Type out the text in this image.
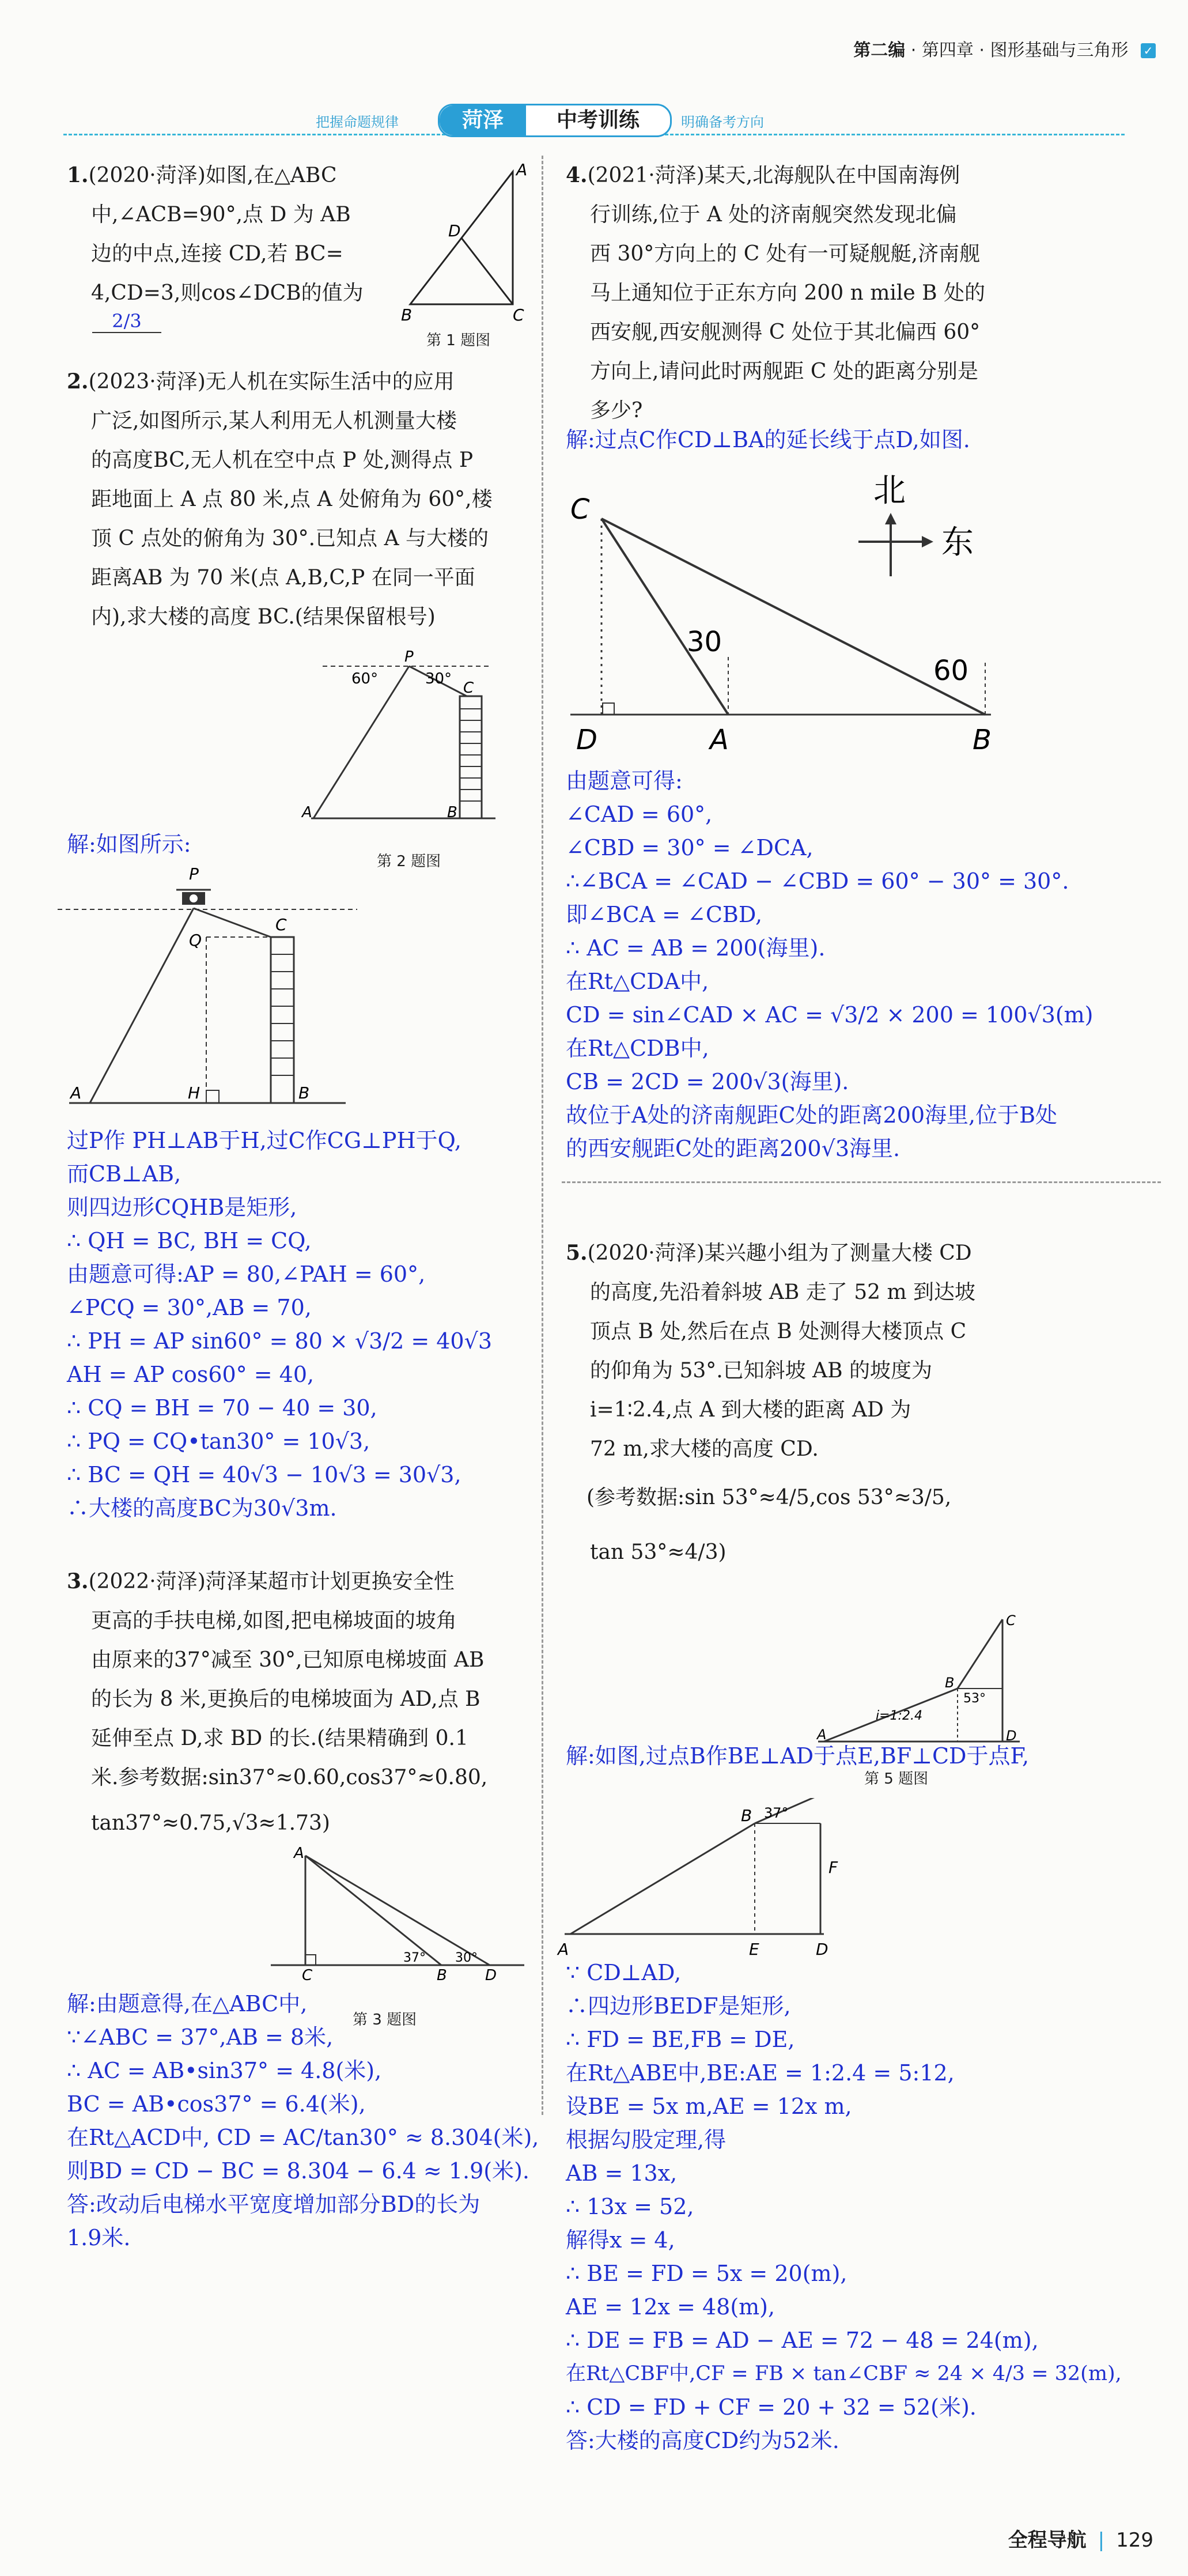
第二编 · 第四章 · 图形基础与三角形 ✓
把握命题规律	菏泽	中考训练	明确备考方向

1.(2020·菏泽)如图,在△ABC

中,∠ACB=90°,点 D 为 AB

边的中点,连接 CD,若 BC=

4,CD=3,则cos∠DCB的值为

2/3
A
D
B	C
第 1 题图

2.(2023·菏泽)无人机在实际生活中的应用

广泛,如图所示,某人利用无人机测量大楼

的高度BC,无人机在空中点 P 处,测得点 P

距地面上 A 点 80 米,点 A 处俯角为 60°,楼

顶 C 点处的俯角为 30°.已知点 A 与大楼的

距离AB 为 70 米(点 A,B,C,P 在同一平面

内),求大楼的高度 BC.(结果保留根号)

60°	30°
P
C
A	B
第 2 题图
解:如图所示:
P
Q
C
A	H	B

过P作 PH⊥AB于H,过C作CG⊥PH于Q,

而CB⊥AB,

则四边形CQHB是矩形,

∴ QH = BC, BH = CQ,

由题意可得:AP = 80,∠PAH = 60°,

∠PCQ = 30°,AB = 70,

∴ PH = AP sin60° = 80 × √3/2 = 40√3

AH = AP cos60° = 40,

∴ CQ = BH = 70 − 40 = 30,

∴ PQ = CQ•tan30° = 10√3,

∴ BC = QH = 40√3 − 10√3 = 30√3,

∴大楼的高度BC为30√3m.

3.(2022·菏泽)菏泽某超市计划更换安全性

更高的手扶电梯,如图,把电梯坡面的坡角

由原来的37°减至 30°,已知原电梯坡面 AB

的长为 8 米,更换后的电梯坡面为 AD,点 B

延伸至点 D,求 BD 的长.(结果精确到 0.1

米.参考数据:sin37°≈0.60,cos37°≈0.80,

tan37°≈0.75,√3≈1.73)

A
C	B	D
37° 30°
第 3 题图

解:由题意得,在△ABC中,

∵∠ABC = 37°,AB = 8米,

∴ AC = AB•sin37° = 4.8(米),

BC = AB•cos37° = 6.4(米),

在Rt△ACD中, CD = AC/tan30° ≈ 8.304(米),

则BD = CD − BC = 8.304 − 6.4 ≈ 1.9(米).

答:改动后电梯水平宽度增加部分BD的长为

1.9米.

4.(2021·菏泽)某天,北海舰队在中国南海例

行训练,位于 A 处的济南舰突然发现北偏

西 30°方向上的 C 处有一可疑舰艇,济南舰

马上通知位于正东方向 200 n mile B 处的

西安舰,西安舰测得 C 处位于其北偏西 60°

方向上,请问此时两舰距 C 处的距离分别是

多少?

解:过点C作CD⊥BA的延长线于点D,如图.
C
D	A	B
30
60
北
东

由题意可得:

∠CAD = 60°,

∠CBD = 30° = ∠DCA,

∴∠BCA = ∠CAD − ∠CBD = 60° − 30° = 30°.

即∠BCA = ∠CBD,

∴ AC = AB = 200(海里).

在Rt△CDA中,

CD = sin∠CAD × AC = √3/2 × 200 = 100√3(m)

在Rt△CDB中,

CB = 2CD = 200√3(海里).

故位于A处的济南舰距C处的距离200海里,位于B处

的西安舰距C处的距离200√3海里.

5.(2020·菏泽)某兴趣小组为了测量大楼 CD

的高度,先沿着斜坡 AB 走了 52 m 到达坡

顶点 B 处,然后在点 B 处测得大楼顶点 C

的仰角为 53°.已知斜坡 AB 的坡度为

i=1∶2.4,点 A 到大楼的距离 AD 为

72 m,求大楼的高度 CD.

(参考数据:sin 53°≈4/5,cos 53°≈3/5,

tan 53°≈4/3)

C
B
53°
i=1:2.4
A	D
第 5 题图
解:如图,过点B作BE⊥AD于点E,BF⊥CD于点F,
B 37°
F
A	E	D

∵ CD⊥AD,

∴四边形BEDF是矩形,

∴ FD = BE,FB = DE,

在Rt△ABE中,BE:AE = 1:2.4 = 5:12,

设BE = 5x m,AE = 12x m,

根据勾股定理,得

AB = 13x,

∴ 13x = 52,

解得x = 4,

∴ BE = FD = 5x = 20(m),

AE = 12x = 48(m),

∴ DE = FB = AD − AE = 72 − 48 = 24(m),

在Rt△CBF中,CF = FB × tan∠CBF ≈ 24 × 4/3 = 32(m),

∴ CD = FD + CF = 20 + 32 = 52(米).

答:大楼的高度CD约为52米.

全程导航 | 129
